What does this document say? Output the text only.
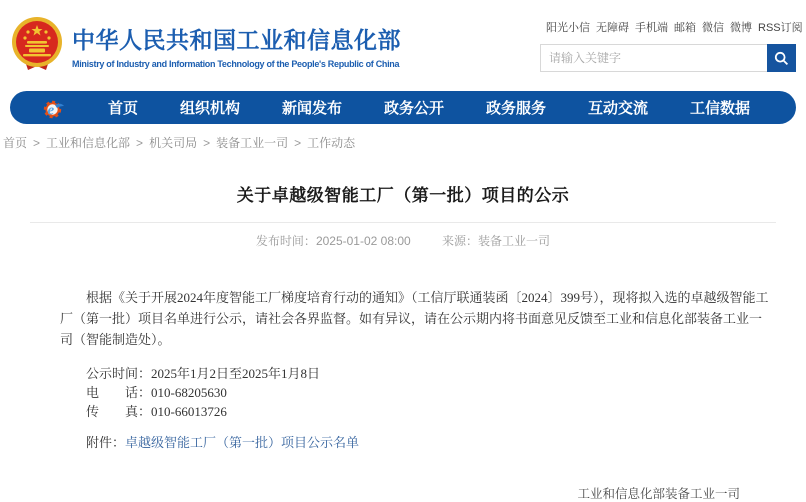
中华人民共和国工业和信息化部
Ministry of Industry and Information Technology of the People's Republic of China
阳光小信 无障碍 手机端 邮箱 微信 微博 RSS订阅
请输入关键字
e	首页	组织机构	新闻发布	政务公开	政务服务	互动交流	工信数据
首页 > 工业和信息化部 > 机关司局 > 装备工业一司 > 工作动态
关于卓越级智能工厂（第一批）项目的公示
发布时间：2025-01-02 08:00	来源：装备工业一司

根据《关于开展2024年度智能工厂梯度培育行动的通知》（工信厅联通装函〔2024〕399号），现将拟入选的卓越级智能工厂（第一批）项目名单进行公示，请社会各界监督。如有异议，请在公示期内将书面意见反馈至工业和信息化部装备工业一司（智能制造处）。

公示时间：2025年1月2日至2025年1月8日

电　　话：010-68205630

传　　真：010-66013726

附件：卓越级智能工厂（第一批）项目公示名单

工业和信息化部装备工业一司
